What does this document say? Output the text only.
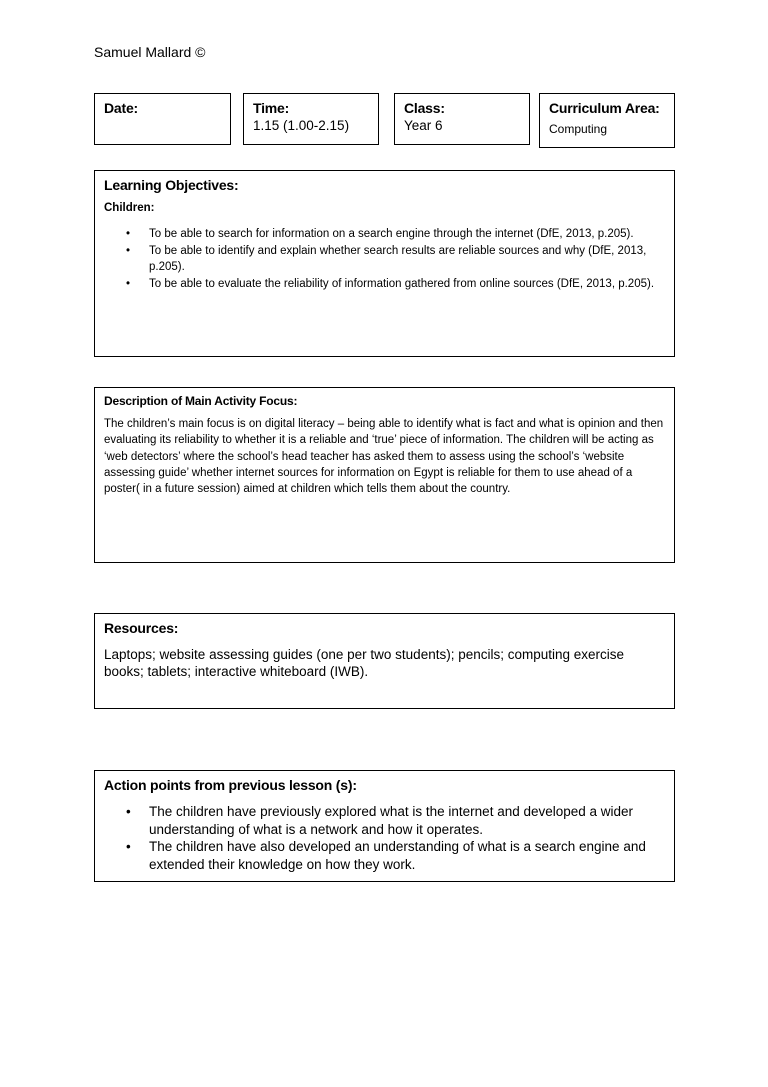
Samuel Mallard ©
Date:	Time:
1.15 (1.00-2.15)
Class:
Year 6
Curriculum Area:
Computing
Learning Objectives:
Children:
• To be able to search for information on a search engine through the internet (DfE, 2013, p.205).
• To be able to identify and explain whether search results are reliable sources and why (DfE, 2013, p.205).
• To be able to evaluate the reliability of information gathered from online sources (DfE, 2013, p.205).
Description of Main Activity Focus:
The children’s main focus is on digital literacy – being able to identify what is fact and what is opinion and then evaluating its reliability to whether it is a reliable and ‘true’ piece of information. The children will be acting as ‘web detectors’ where the school’s head teacher has asked them to assess using the school’s ‘website assessing guide’ whether internet sources for information on Egypt is reliable for them to use ahead of a poster( in a future session) aimed at children which tells them about the country.
Resources:
Laptops; website assessing guides (one per two students); pencils; computing exercise books; tablets; interactive whiteboard (IWB).
Action points from previous lesson (s):
• The children have previously explored what is the internet and developed a wider understanding of what is a network and how it operates.
• The children have also developed an understanding of what is a search engine and extended their knowledge on how they work.
